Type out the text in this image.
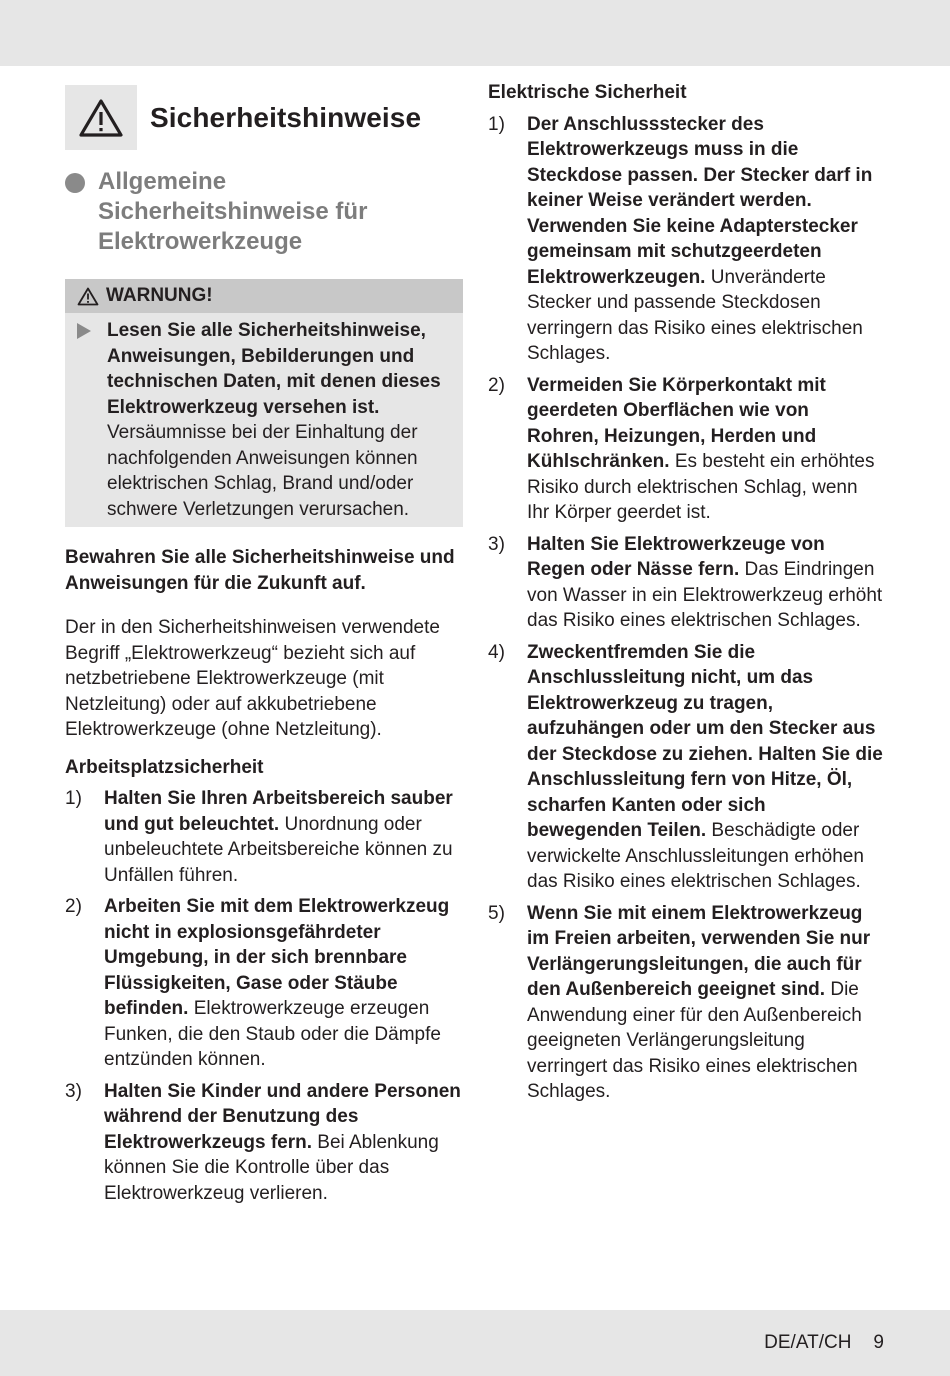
Sicherheitshinweise
Allgemeine Sicherheitshinweise für Elektrowerkzeuge
WARNUNG!
Lesen Sie alle Sicherheitshinweise, Anweisungen, Bebilderungen und technischen Daten, mit denen dieses Elektrowerkzeug versehen ist. Versäumnisse bei der Einhaltung der nachfolgenden Anweisungen können elektrischen Schlag, Brand und/oder schwere Verletzungen verursachen.

Bewahren Sie alle Sicherheitshinweise und Anweisungen für die Zukunft auf.

Der in den Sicherheitshinweisen verwendete Begriff „Elektrowerkzeug“ bezieht sich auf netzbetriebene Elektrowerkzeuge (mit Netzleitung) oder auf akkubetriebene Elektrowerkzeuge (ohne Netzleitung).

Arbeitsplatzsicherheit
1)	Halten Sie Ihren Arbeitsbereich sauber und gut beleuchtet. Unordnung oder unbeleuchtete Arbeitsbereiche können zu Unfällen führen.
2)	Arbeiten Sie mit dem Elektrowerkzeug nicht in explosionsgefährdeter Umgebung, in der sich brennbare Flüssigkeiten, Gase oder Stäube befinden. Elektrowerkzeuge erzeugen Funken, die den Staub oder die Dämpfe entzünden können.
3)	Halten Sie Kinder und andere Personen während der Benutzung des Elektrowerkzeugs fern. Bei Ablenkung können Sie die Kontrolle über das Elektrowerkzeug verlieren.
Elektrische Sicherheit
1)	Der Anschlussstecker des Elektrowerkzeugs muss in die Steckdose passen. Der Stecker darf in keiner Weise verändert werden. Verwenden Sie keine Adapterstecker gemeinsam mit schutzgeerdeten Elektrowerkzeugen. Unveränderte Stecker und passende Steckdosen verringern das Risiko eines elektrischen Schlages.
2)	Vermeiden Sie Körperkontakt mit geerdeten Oberflächen wie von Rohren, Heizungen, Herden und Kühlschränken. Es besteht ein erhöhtes Risiko durch elektrischen Schlag, wenn Ihr Körper geerdet ist.
3)	Halten Sie Elektrowerkzeuge von Regen oder Nässe fern. Das Eindringen von Wasser in ein Elektrowerkzeug erhöht das Risiko eines elektrischen Schlages.
4)	Zweckentfremden Sie die Anschlussleitung nicht, um das Elektrowerkzeug zu tragen, aufzuhängen oder um den Stecker aus der Steckdose zu ziehen. Halten Sie die Anschlussleitung fern von Hitze, Öl, scharfen Kanten oder sich bewegenden Teilen. Beschädigte oder verwickelte Anschlussleitungen erhöhen das Risiko eines elektrischen Schlages.
5)	Wenn Sie mit einem Elektrowerkzeug im Freien arbeiten, verwenden Sie nur Verlängerungsleitungen, die auch für den Außenbereich geeignet sind. Die Anwendung einer für den Außenbereich geeigneten Verlängerungsleitung verringert das Risiko eines elektrischen Schlages.
DE/AT/CH 9
